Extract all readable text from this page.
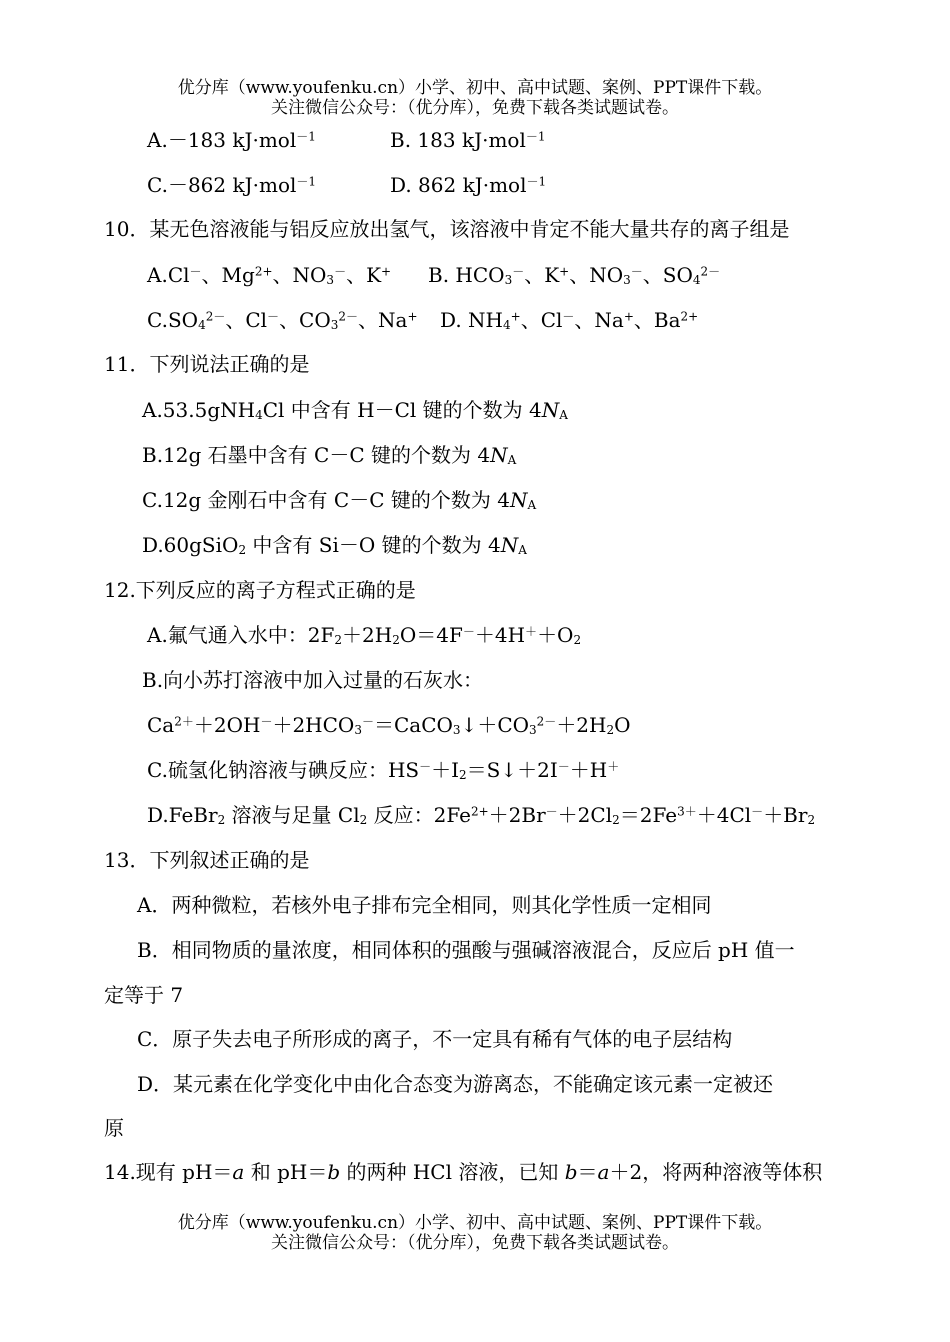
优分库（www.youfenku.cn）小学、初中、高中试题、案例、PPT课件下载。
关注微信公众号：（优分库），免费下载各类试题试卷。
A.－183 kJ·mol$^{-1}$	B. 183 kJ·mol$^{-1}$
C.－862 kJ·mol$^{-1}$	D. 862 kJ·mol$^{-1}$
10．某无色溶液能与铝反应放出氢气，该溶液中肯定不能大量共存的离子组是
A.Cl－、$Mg^{2+}$、$NO_3^-$、K+ B. $HCO_3^-$、K+、$NO_3^-$、$SO_4^{2-}$
$C.SO_4^{2-}$、Cl－、$CO_3^{2-}$、Na+ D. $NH_4^+$、Cl－、Na+、$Ba^{2+}$
11．下列说法正确的是
A.53.5gNH$_4$Cl 中含有 H－Cl 键的个数为 $4N_A$
B.12g 石墨中含有 C－C 键的个数为 $4N_A$
C.12g 金刚石中含有 C－C 键的个数为 $4N_A$
D.60gSiO$_2$ 中含有 Si－O 键的个数为 $4N_A$
12.下列反应的离子方程式正确的是
A.氟气通入水中：$2F_2+2H_2O=4F^-+4H^++O_2$
B.向小苏打溶液中加入过量的石灰水：
$Ca^{2+}+2OH^-+2HCO_3^-=CaCO_3↓+CO_3^{2-}+2H_2O$
C.硫氢化钠溶液与碘反应：$HS^-+I_2=S↓+2I^-+H^+$
D.FeBr$_2$ 溶液与足量 $Cl_2$ 反应：$2Fe^{2+}+2Br^-+2Cl_2=2Fe^{3+}+4Cl^-+Br_2$
13．下列叙述正确的是
A．两种微粒，若核外电子排布完全相同，则其化学性质一定相同
B．相同物质的量浓度，相同体积的强酸与强碱溶液混合，反应后 pH 值一
定等于 7
C．原子失去电子所形成的离子，不一定具有稀有气体的电子层结构
D．某元素在化学变化中由化合态变为游离态，不能确定该元素一定被还
原
14.现有 pH＝a 和 pH＝b 的两种 HCl 溶液，已知 b＝a＋2，将两种溶液等体积
优分库（www.youfenku.cn）小学、初中、高中试题、案例、PPT课件下载。
关注微信公众号：（优分库），免费下载各类试题试卷。
